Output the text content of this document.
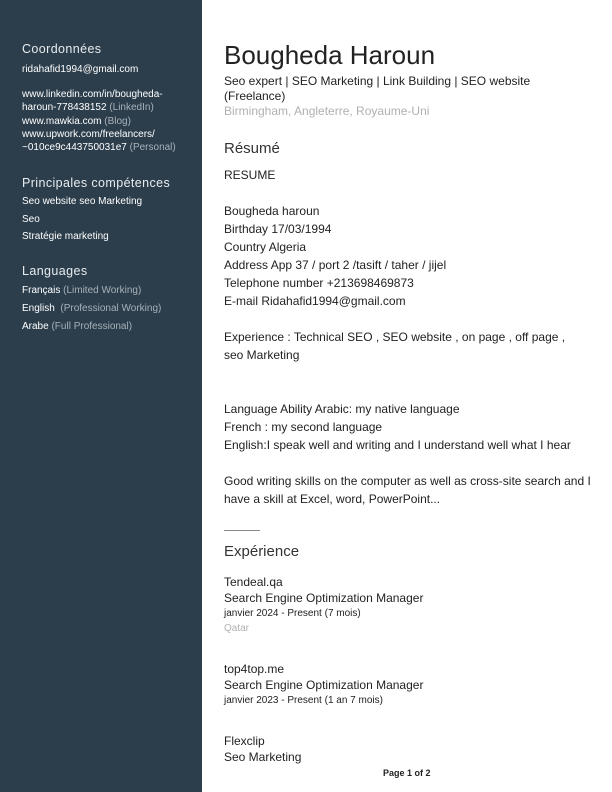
Coordonnées
ridahafid1994@gmail.com
www.linkedin.com/in/bougheda-
haroun-778438152 (LinkedIn)
www.mawkia.com (Blog)
www.upwork.com/freelancers/
~010ce9c443750031e7 (Personal)
Principales compétences
Seo website seo Marketing
Seo
Stratégie marketing
Languages
Français (Limited Working)
English (Professional Working)
Arabe (Full Professional)
Bougheda Haroun
Seo expert | SEO Marketing | Link Building | SEO website (Freelance)
Birmingham, Angleterre, Royaume-Uni
Résumé
RESUME
Bougheda haroun
Birthday 17/03/1994
Country Algeria
Address App 37 / port 2 /tasift / taher / jijel
Telephone number +213698469873
E-mail Ridahafid1994@gmail.com
Experience : Technical SEO , SEO website , on page , off page ,
seo Marketing
Language Ability Arabic: my native language
French : my second language
English:I speak well and writing and I understand well what I hear
Good writing skills on the computer as well as cross-site search and I
have a skill at Excel, word, PowerPoint...
Expérience
Tendeal.qa
Search Engine Optimization Manager
janvier 2024 - Present (7 mois)
Qatar
top4top.me
Search Engine Optimization Manager
janvier 2023 - Present (1 an 7 mois)
Flexclip
Seo Marketing
Page 1 of 2
